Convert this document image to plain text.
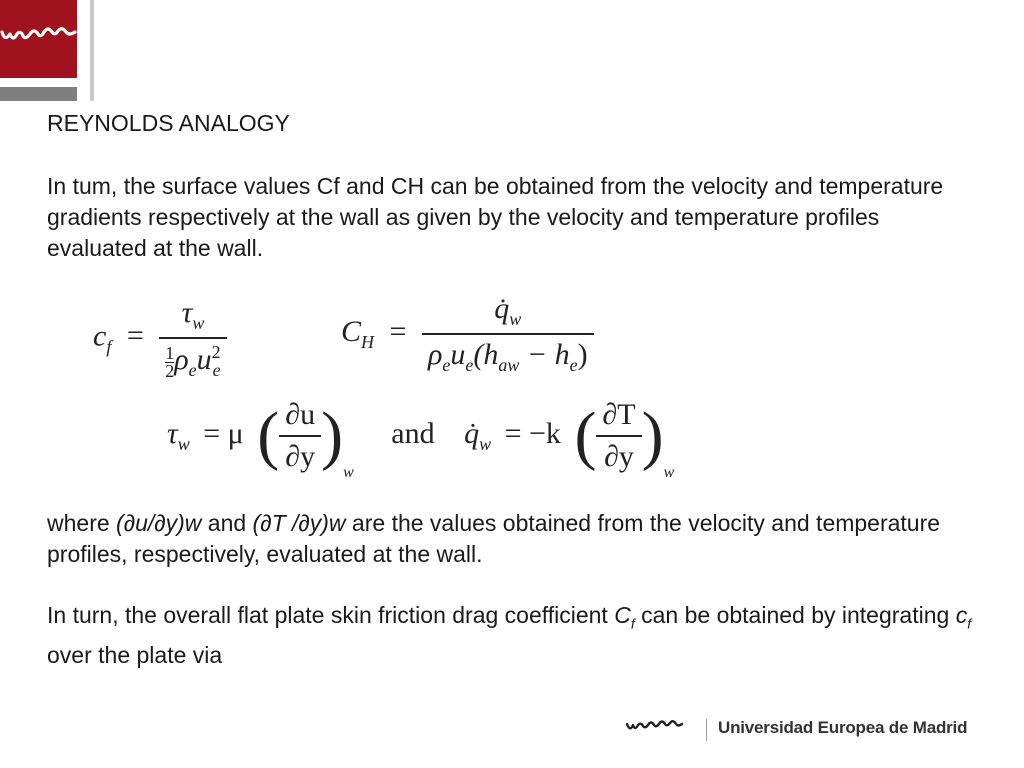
REYNOLDS ANALOGY

In tum, the surface values Cf and CH can be obtained from the velocity and temperature gradients respectively at the wall as given by the velocity and temperature profiles evaluated at the wall.

$c_f = \frac{\tau_w}{\frac{1}{2} \rho_eu^2_e}$	$C_H = \frac{q̇_w}{\rho_eu_e(h_{aw} - h_e)}$
$\tau_w = \mu$ ( $\frac{\partial u}{\partial y} )_w$ and $q̇_w = -k$ ( $\frac{\partial T}{\partial y} )_w$

where (∂u/∂y)w and (∂T /∂y)w are the values obtained from the velocity and temperature profiles, respectively, evaluated at the wall.

In turn, the overall flat plate skin friction drag coefficient $C_f$ can be obtained by integrating $c_f$ over the plate via

Universidad Europea de Madrid
